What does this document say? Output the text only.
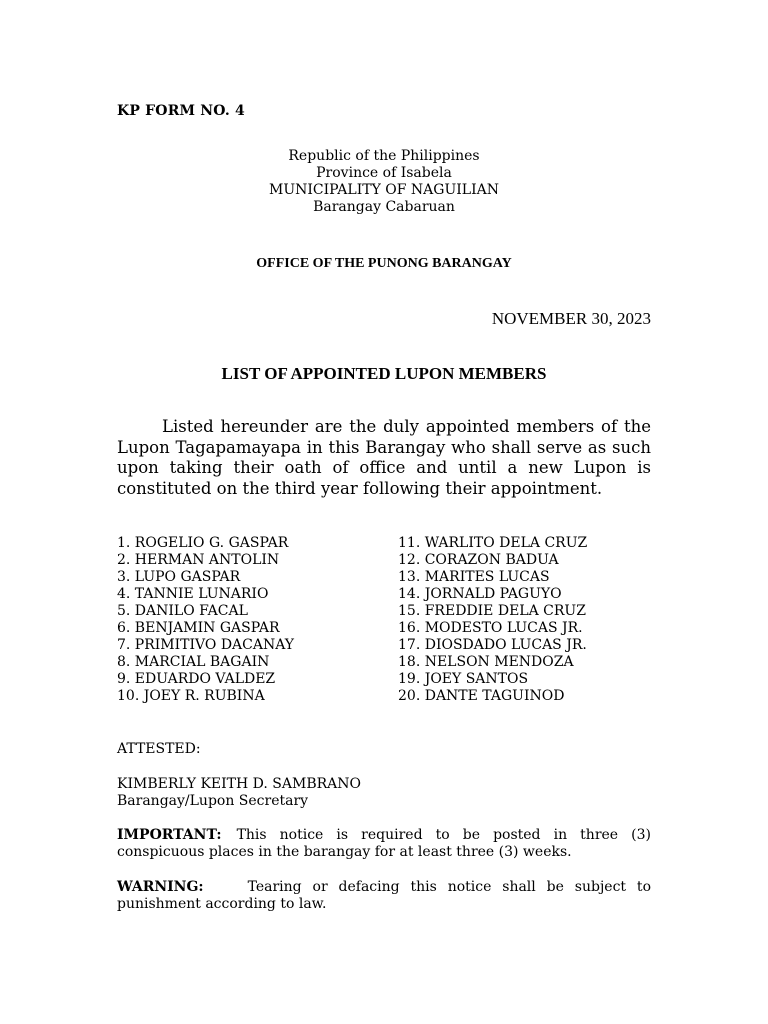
KP FORM NO. 4
Republic of the Philippines
Province of Isabela
MUNICIPALITY OF NAGUILIAN
Barangay Cabaruan
OFFICE OF THE PUNONG BARANGAY
NOVEMBER 30, 2023
LIST OF APPOINTED LUPON MEMBERS

Listed hereunder are the duly appointed members of the Lupon Tagapamayapa in this Barangay who shall serve as such upon taking their oath of office and until a new Lupon is constituted on the third year following their appointment.

1. ROGELIO G. GASPAR
2. HERMAN ANTOLIN
3. LUPO GASPAR
4. TANNIE LUNARIO
5. DANILO FACAL
6. BENJAMIN GASPAR
7. PRIMITIVO DACANAY
8. MARCIAL BAGAIN
9. EDUARDO VALDEZ
10. JOEY R. RUBINA
11. WARLITO DELA CRUZ
12. CORAZON BADUA
13. MARITES LUCAS
14. JORNALD PAGUYO
15. FREDDIE DELA CRUZ
16. MODESTO LUCAS JR.
17. DIOSDADO LUCAS JR.
18. NELSON MENDOZA
19. JOEY SANTOS
20. DANTE TAGUINOD
ATTESTED:
KIMBERLY KEITH D. SAMBRANO
Barangay/Lupon Secretary

IMPORTANT: This notice is required to be posted in three (3) conspicuous places in the barangay for at least three (3) weeks.

WARNING:	Tearing or defacing this notice shall be subject to punishment according to law.
